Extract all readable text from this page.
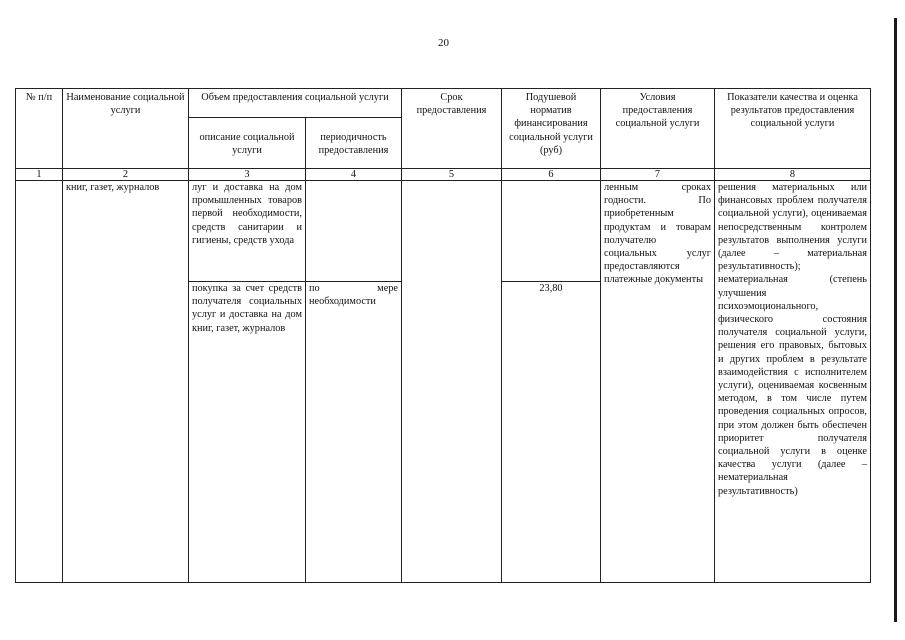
20
№ п/п	Наименование социальной услуги	Объем предоставления социальной услуги		Срок предоставления	Подушевой норматив финансирования социальной услуги (руб)	Условия предоставления социальной услуги	Показатели качества и оценка результатов предоставления социальной услуги
		описание социальной услуги	периодичность предоставления				
1	2	3	4	5	6	7	8
	книг, газет, журналов	луг и доставка на дом промышленных товаров первой необходимости, средств санитарии и гигиены, средств ухода				ленным сроках годности. По приобретенным продуктам и товарам получателю социальных услуг предоставляются платежные документы	решения материальных или финансовых проблем получателя социальной услуги), оцениваемая непосредственным контролем результатов выполнения услуги (далее – материальная результативность); нематериальная (степень улучшения психоэмоционального, физического состояния получателя социальной услуги, решения его правовых, бытовых и других проблем в результате взаимодействия с исполнителем услуги), оцениваемая косвенным методом, в том числе путем проведения социальных опросов, при этом должен быть обеспечен приоритет получателя социальной услуги в оценке качества услуги (далее – нематериальная результативность)
		покупка за счет средств получателя социальных услуг и доставка на дом книг, газет, журналов	по мере необходимости		23,80		
